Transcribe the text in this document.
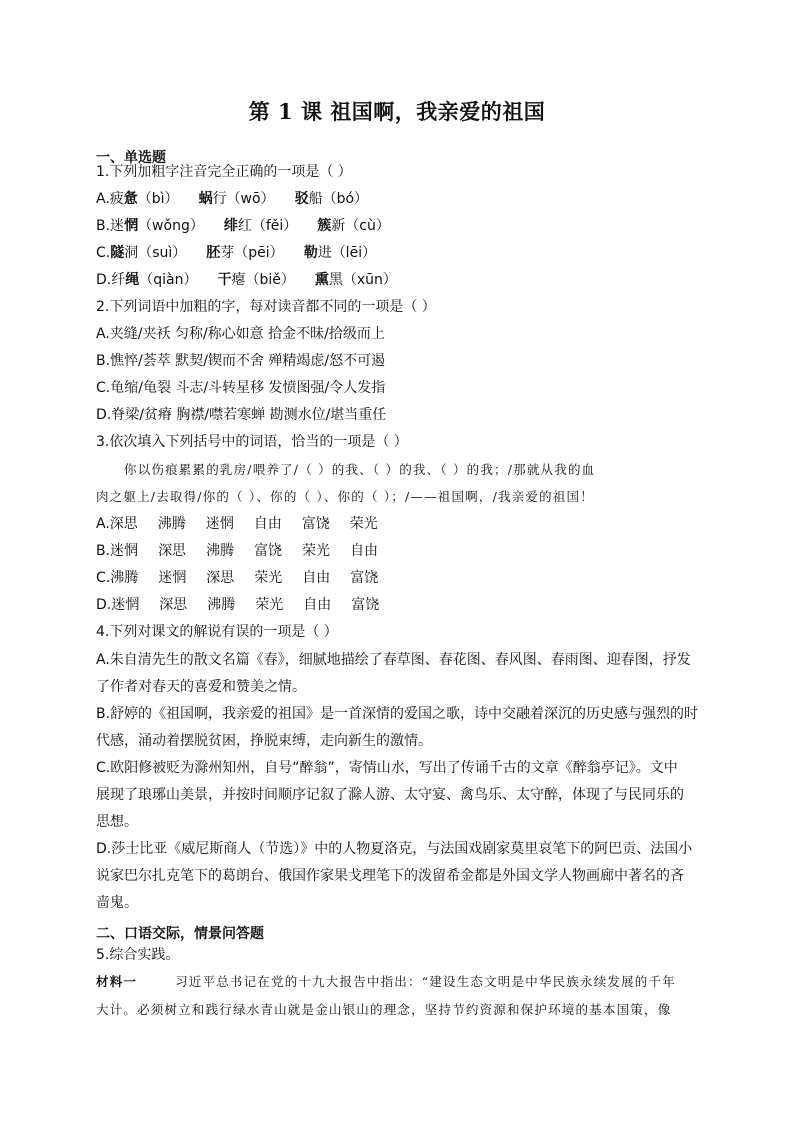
第 1 课 祖国啊，我亲爱的祖国
一、单选题
1.下列加粗字注音完全正确的一项是（ ）
A.疲惫（bì） 蜗行（wō） 驳船（bó）
B.迷惘（wǒng） 绯红（fěi） 簇新（cù）
C.隧洞（suì） 胚芽（pēi） 勒进（lēi）
D.纤绳（qiàn） 干瘪（biě） 熏黑（xūn）
2.下列词语中加粗的字，每对读音都不同的一项是（ ）
A.夹缝/夹袄 匀称/称心如意 拾金不昧/拾级而上
B.憔悴/荟萃 默契/锲而不舍 殚精竭虑/怒不可遏
C.龟缩/龟裂 斗志/斗转星移 发愤图强/令人发指
D.脊梁/贫瘠 胸襟/噤若寒蝉 勘测水位/堪当重任
3.依次填入下列括号中的词语，恰当的一项是（ ）
你以伤痕累累的乳房/喂养了/（ ）的我、（ ）的我、（ ）的我；/那就从我的血
肉之躯上/去取得/你的（ ）、你的（ ）、你的（ ）；/——祖国啊，/我亲爱的祖国！
A.深思 沸腾 迷惘 自由 富饶 荣光
B.迷惘 深思 沸腾 富饶 荣光 自由
C.沸腾 迷惘 深思 荣光 自由 富饶
D.迷惘 深思 沸腾 荣光 自由 富饶
4.下列对课文的解说有误的一项是（ ）
A.朱自清先生的散文名篇《春》，细腻地描绘了春草图、春花图、春风图、春雨图、迎春图，抒发
了作者对春天的喜爱和赞美之情。
B.舒婷的《祖国啊，我亲爱的祖国》是一首深情的爱国之歌，诗中交融着深沉的历史感与强烈的时
代感，涌动着摆脱贫困，挣脱束缚，走向新生的激情。
C.欧阳修被贬为滁州知州，自号“醉翁”，寄情山水，写出了传诵千古的文章《醉翁亭记》。文中
展现了琅琊山美景，并按时间顺序记叙了滁人游、太守宴、禽鸟乐、太守醉，体现了与民同乐的
思想。
D.莎士比亚《威尼斯商人（节选）》中的人物夏洛克，与法国戏剧家莫里哀笔下的阿巴贡、法国小
说家巴尔扎克笔下的葛朗台、俄国作家果戈理笔下的泼留希金都是外国文学人物画廊中著名的吝
啬鬼。
二、口语交际，情景问答题
5.综合实践。
材料一	习近平总书记在党的十九大报告中指出：“建设生态文明是中华民族永续发展的千年
大计。必须树立和践行绿水青山就是金山银山的理念，坚持节约资源和保护环境的基本国策，像
